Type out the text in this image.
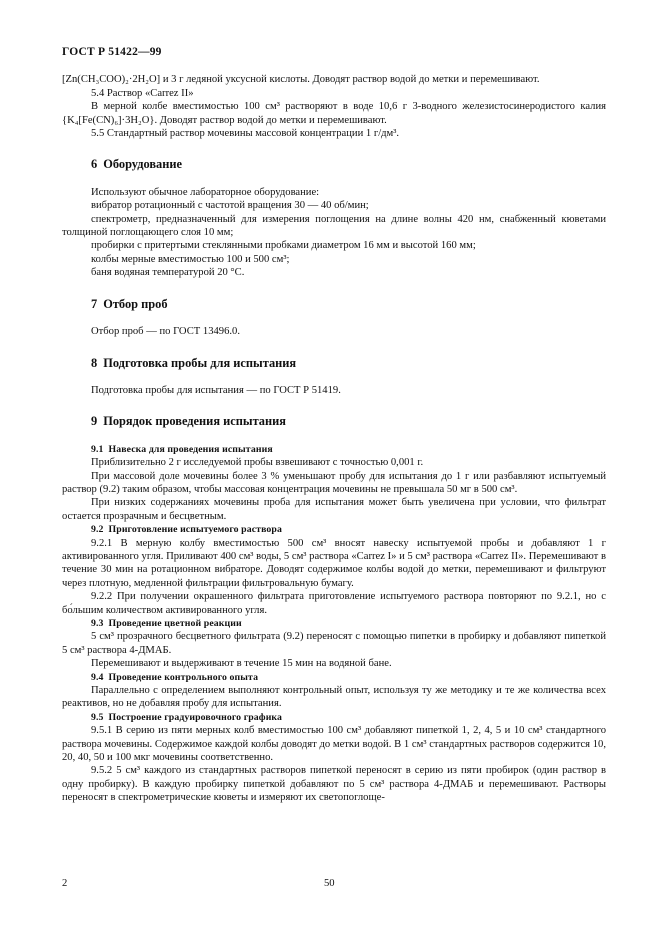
ГОСТ Р 51422—99

[Zn(CH₃COO)₂·2H₂O] и 3 г ледяной уксусной кислоты. Доводят раствор водой до метки и перемешивают.

5.4 Раствор «Carrez II»

В мерной колбе вместимостью 100 см³ растворяют в воде 10,6 г 3-водного железистосинеродистого калия {K₄[Fe(CN)₆]·3H₂O}. Доводят раствор водой до метки и перемешивают.

5.5 Стандартный раствор мочевины массовой концентрации 1 г/дм³.

6 Оборудование

Используют обычное лабораторное оборудование:

вибратор ротационный с частотой вращения 30 — 40 об/мин;

спектрометр, предназначенный для измерения поглощения на длине волны 420 нм, снабженный кюветами толщиной поглощающего слоя 10 мм;

пробирки с притертыми стеклянными пробками диаметром 16 мм и высотой 160 мм;

колбы мерные вместимостью 100 и 500 см³;

баня водяная температурой 20 °С.

7 Отбор проб

Отбор проб — по ГОСТ 13496.0.

8 Подготовка пробы для испытания

Подготовка пробы для испытания — по ГОСТ Р 51419.

9 Порядок проведения испытания
9.1 Навеска для проведения испытания

Приблизительно 2 г исследуемой пробы взвешивают с точностью 0,001 г.

При массовой доле мочевины более 3 % уменьшают пробу для испытания до 1 г или разбавляют испытуемый раствор (9.2) таким образом, чтобы массовая концентрация мочевины не превышала 50 мг в 500 см³.

При низких содержаниях мочевины проба для испытания может быть увеличена при условии, что фильтрат остается прозрачным и бесцветным.

9.2 Приготовление испытуемого раствора

9.2.1 В мерную колбу вместимостью 500 см³ вносят навеску испытуемой пробы и добавляют 1 г активированного угля. Приливают 400 см³ воды, 5 см³ раствора «Carrez I» и 5 см³ раствора «Carrez II». Перемешивают в течение 30 мин на ротационном вибраторе. Доводят содержимое колбы водой до метки, перемешивают и фильтруют через плотную, медленной фильтрации фильтровальную бумагу.

9.2.2 При получении окрашенного фильтрата приготовление испытуемого раствора повторяют по 9.2.1, но с бо́льшим количеством активированного угля.

9.3 Проведение цветной реакции

5 см³ прозрачного бесцветного фильтрата (9.2) переносят с помощью пипетки в пробирку и добавляют пипеткой 5 см³ раствора 4-ДМАБ.

Перемешивают и выдерживают в течение 15 мин на водяной бане.

9.4 Проведение контрольного опыта

Параллельно с определением выполняют контрольный опыт, используя ту же методику и те же количества всех реактивов, но не добавляя пробу для испытания.

9.5 Построение градуировочного графика

9.5.1 В серию из пяти мерных колб вместимостью 100 см³ добавляют пипеткой 1, 2, 4, 5 и 10 см³ стандартного раствора мочевины. Содержимое каждой колбы доводят до метки водой. В 1 см³ стандартных растворов содержится 10, 20, 40, 50 и 100 мкг мочевины соответственно.

9.5.2 5 см³ каждого из стандартных растворов пипеткой переносят в серию из пяти пробирок (один раствор в одну пробирку). В каждую пробирку пипеткой добавляют по 5 см³ раствора 4-ДМАБ и перемешивают. Растворы переносят в спектрометрические кюветы и измеряют их светопоглоще-

2	50
